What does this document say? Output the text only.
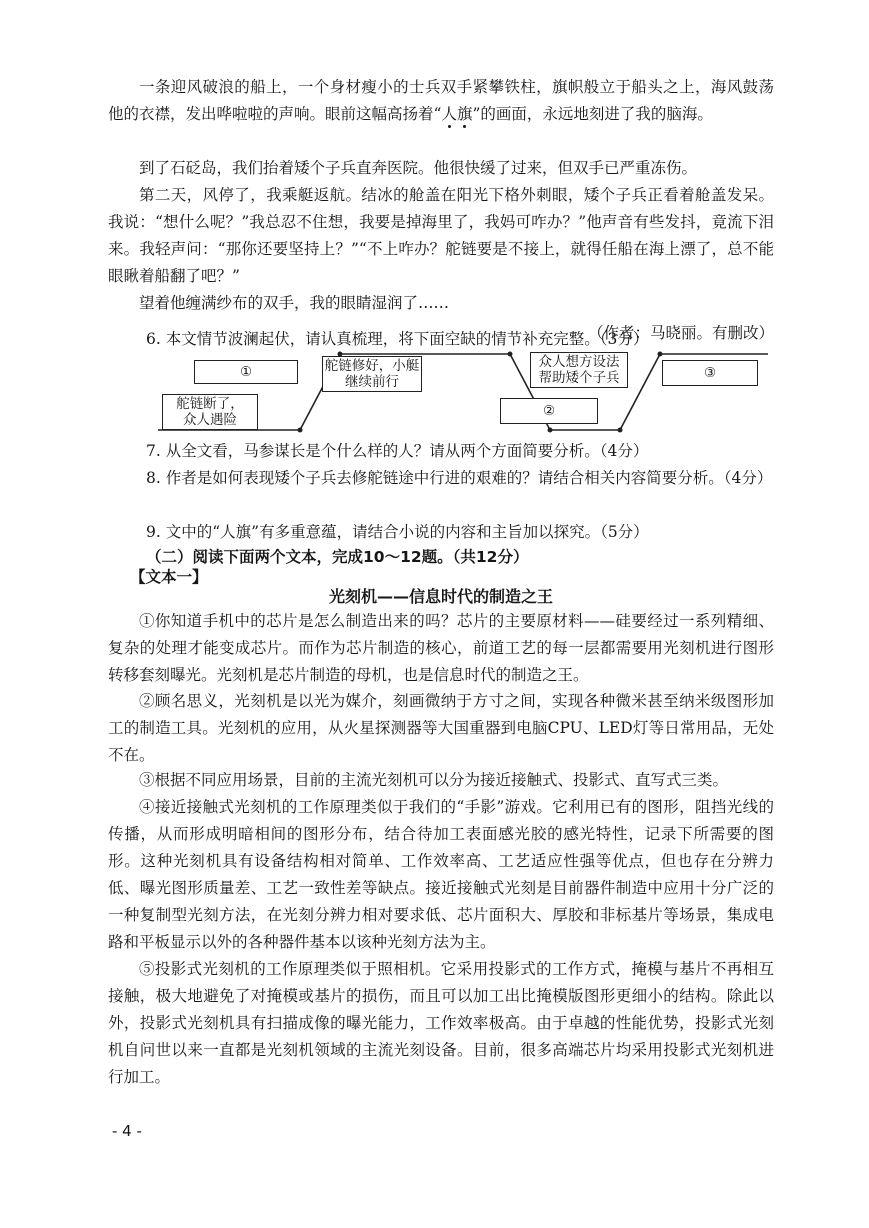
一条迎风破浪的船上，一个身材瘦小的士兵双手紧攀铁柱，旗帜般立于船头之上，海风鼓荡他的衣襟，发出哗啦啦的声响。眼前这幅高扬着“人旗”的画面，永远地刻进了我的脑海。

到了石砭岛，我们抬着矮个子兵直奔医院。他很快缓了过来，但双手已严重冻伤。

第二天，风停了，我乘艇返航。结冰的舱盖在阳光下格外刺眼，矮个子兵正看着舱盖发呆。我说：“想什么呢？”我总忍不住想，我要是掉海里了，我妈可咋办？”他声音有些发抖，竟流下泪来。我轻声问：“那你还要坚持上？”“不上咋办？舵链要是不接上，就得任船在海上漂了，总不能眼瞅着船翻了吧？”

望着他缠满纱布的双手，我的眼睛湿润了……

（作者：马晓丽。有删改）

6. 本文情节波澜起伏，请认真梳理，将下面空缺的情节补充完整。（3分）

舵链断了，众人遇险
①	舵链修好，小艇继续前行
②
众人想方设法帮助矮个子兵	③

7. 从全文看，马参谋长是个什么样的人？请从两个方面简要分析。（4分）

8. 作者是如何表现矮个子兵去修舵链途中行进的艰难的？请结合相关内容简要分析。（4分）

9. 文中的“人旗”有多重意蕴，请结合小说的内容和主旨加以探究。（5分）

（二）阅读下面两个文本，完成10～12题。（共12分）

【文本一】

光刻机——信息时代的制造之王

①你知道手机中的芯片是怎么制造出来的吗？芯片的主要原材料——硅要经过一系列精细、复杂的处理才能变成芯片。而作为芯片制造的核心，前道工艺的每一层都需要用光刻机进行图形转移套刻曝光。光刻机是芯片制造的母机，也是信息时代的制造之王。

②顾名思义，光刻机是以光为媒介，刻画微纳于方寸之间，实现各种微米甚至纳米级图形加工的制造工具。光刻机的应用，从火星探测器等大国重器到电脑CPU、LED灯等日常用品，无处不在。

③根据不同应用场景，目前的主流光刻机可以分为接近接触式、投影式、直写式三类。

④接近接触式光刻机的工作原理类似于我们的“手影”游戏。它利用已有的图形，阻挡光线的传播，从而形成明暗相间的图形分布，结合待加工表面感光胶的感光特性，记录下所需要的图形。这种光刻机具有设备结构相对简单、工作效率高、工艺适应性强等优点，但也存在分辨力低、曝光图形质量差、工艺一致性差等缺点。接近接触式光刻是目前器件制造中应用十分广泛的一种复制型光刻方法，在光刻分辨力相对要求低、芯片面积大、厚胶和非标基片等场景，集成电路和平板显示以外的各种器件基本以该种光刻方法为主。

⑤投影式光刻机的工作原理类似于照相机。它采用投影式的工作方式，掩模与基片不再相互接触，极大地避免了对掩模或基片的损伤，而且可以加工出比掩模版图形更细小的结构。除此以外，投影式光刻机具有扫描成像的曝光能力，工作效率极高。由于卓越的性能优势，投影式光刻机自问世以来一直都是光刻机领域的主流光刻设备。目前，很多高端芯片均采用投影式光刻机进行加工。

- 4 -
